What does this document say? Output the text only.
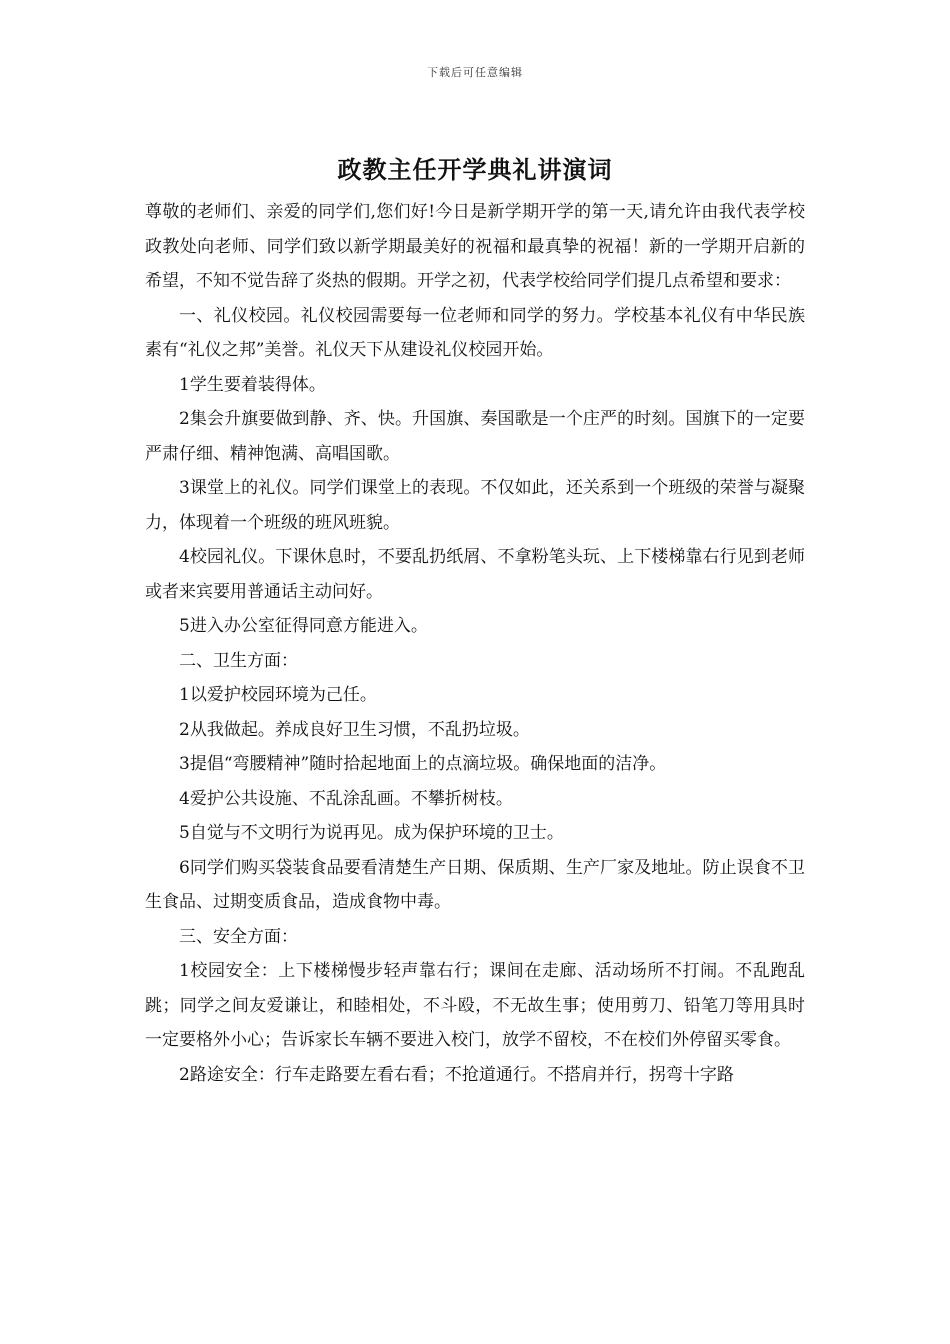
下载后可任意编辑
政教主任开学典礼讲演词

尊敬的老师们、亲爱的同学们,您们好!今日是新学期开学的第一天,请允许由我代表学校政教处向老师、同学们致以新学期最美好的祝福和最真挚的祝福！新的一学期开启新的希望，不知不觉告辞了炎热的假期。开学之初，代表学校给同学们提几点希望和要求：

一、礼仪校园。礼仪校园需要每一位老师和同学的努力。学校基本礼仪有中华民族素有“礼仪之邦”美誉。礼仪天下从建设礼仪校园开始。

1学生要着装得体。

2集会升旗要做到静、齐、快。升国旗、奏国歌是一个庄严的时刻。国旗下的一定要严肃仔细、精神饱满、高唱国歌。

3课堂上的礼仪。同学们课堂上的表现。不仅如此，还关系到一个班级的荣誉与凝聚力，体现着一个班级的班风班貌。

4校园礼仪。下课休息时，不要乱扔纸屑、不拿粉笔头玩、上下楼梯靠右行见到老师或者来宾要用普通话主动问好。

5进入办公室征得同意方能进入。

二、卫生方面：

1以爱护校园环境为己任。

2从我做起。养成良好卫生习惯，不乱扔垃圾。

3提倡“弯腰精神”随时拾起地面上的点滴垃圾。确保地面的洁净。

4爱护公共设施、不乱涂乱画。不攀折树枝。

5自觉与不文明行为说再见。成为保护环境的卫士。

6同学们购买袋装食品要看清楚生产日期、保质期、生产厂家及地址。防止误食不卫生食品、过期变质食品，造成食物中毒。

三、安全方面：

1校园安全：上下楼梯慢步轻声靠右行；课间在走廊、活动场所不打闹。不乱跑乱跳；同学之间友爱谦让，和睦相处，不斗殴，不无故生事；使用剪刀、铅笔刀等用具时一定要格外小心；告诉家长车辆不要进入校门，放学不留校，不在校们外停留买零食。

2路途安全：行车走路要左看右看；不抢道通行。不搭肩并行，拐弯十字路
